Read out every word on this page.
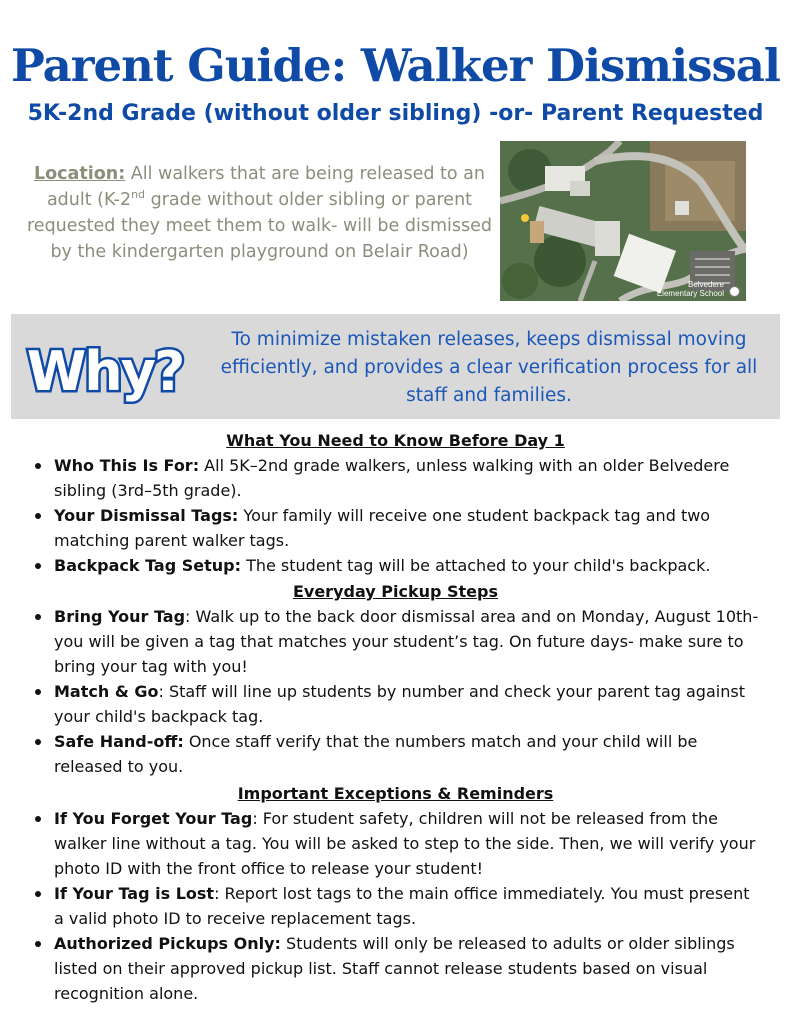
Parent Guide: Walker Dismissal
5K-2nd Grade (without older sibling) -or- Parent Requested
Location: All walkers that are being released to an adult (K-2nd grade without older sibling or parent requested they meet them to walk- will be dismissed by the kindergarten playground on Belair Road)
Belvedere
Elementary School
Why?
To minimize mistaken releases, keeps dismissal moving efficiently, and provides a clear verification process for all staff and families.
What You Need to Know Before Day 1
Who This Is For: All 5K–2nd grade walkers, unless walking with an older Belvedere sibling (3rd–5th grade).
Your Dismissal Tags: Your family will receive one student backpack tag and two matching parent walker tags.
Backpack Tag Setup: The student tag will be attached to your child's backpack.
Everyday Pickup Steps
Bring Your Tag: Walk up to the back door dismissal area and on Monday, August 10th- you will be given a tag that matches your student’s tag. On future days- make sure to bring your tag with you!
Match & Go: Staff will line up students by number and check your parent tag against your child's backpack tag.
Safe Hand-off: Once staff verify that the numbers match and your child will be released to you.
Important Exceptions & Reminders
If You Forget Your Tag: For student safety, children will not be released from the walker line without a tag. You will be asked to step to the side. Then, we will verify your photo ID with the front office to release your student!
If Your Tag is Lost: Report lost tags to the main office immediately. You must present a valid photo ID to receive replacement tags.
Authorized Pickups Only: Students will only be released to adults or older siblings listed on their approved pickup list. Staff cannot release students based on visual recognition alone.
